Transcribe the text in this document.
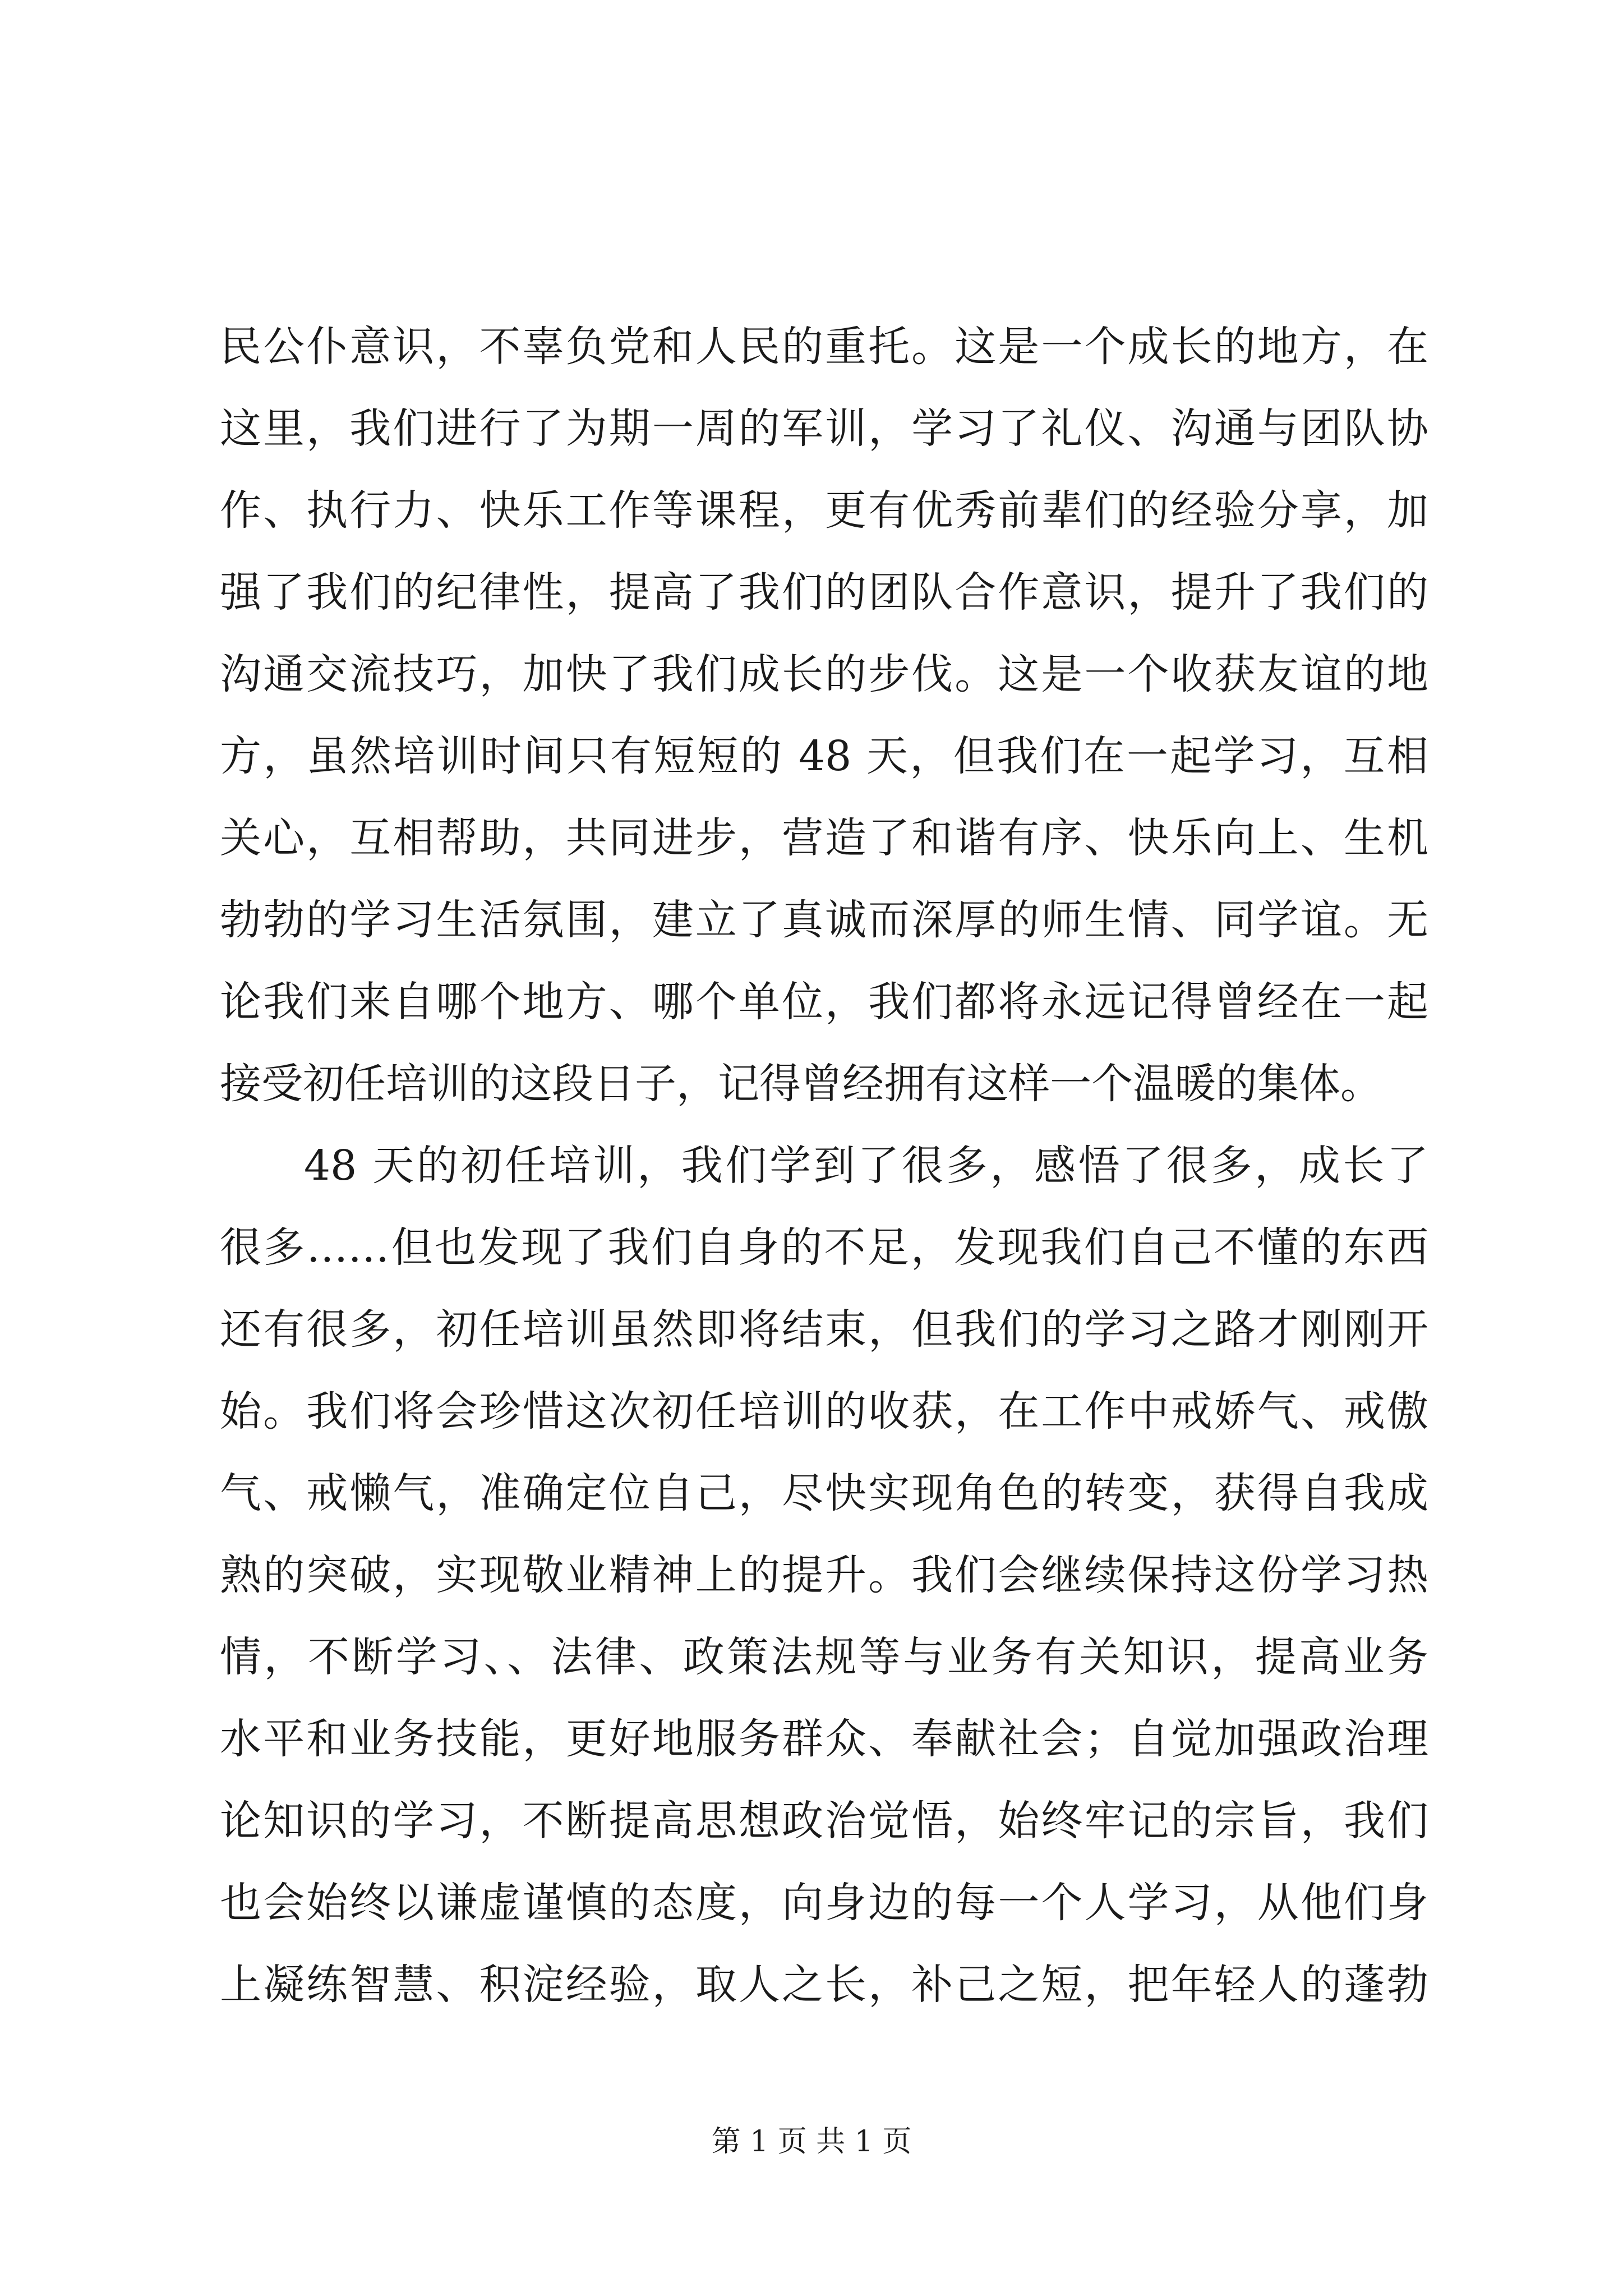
民公仆意识，不辜负党和人民的重托。这是一个成长的地方，在
这里，我们进行了为期一周的军训，学习了礼仪、沟通与团队协
作、执行力、快乐工作等课程，更有优秀前辈们的经验分享，加
强了我们的纪律性，提高了我们的团队合作意识，提升了我们的
沟通交流技巧，加快了我们成长的步伐。这是一个收获友谊的地
方，虽然培训时间只有短短的 48 天，但我们在一起学习，互相
关心，互相帮助，共同进步，营造了和谐有序、快乐向上、生机
勃勃的学习生活氛围，建立了真诚而深厚的师生情、同学谊。无
论我们来自哪个地方、哪个单位，我们都将永远记得曾经在一起
接受初任培训的这段日子，记得曾经拥有这样一个温暖的集体。
48 天的初任培训，我们学到了很多，感悟了很多，成长了
很多……但也发现了我们自身的不足，发现我们自己不懂的东西
还有很多，初任培训虽然即将结束，但我们的学习之路才刚刚开
始。我们将会珍惜这次初任培训的收获，在工作中戒娇气、戒傲
气、戒懒气，准确定位自己，尽快实现角色的转变，获得自我成
熟的突破，实现敬业精神上的提升。我们会继续保持这份学习热
情，不断学习、、法律、政策法规等与业务有关知识，提高业务
水平和业务技能，更好地服务群众、奉献社会；自觉加强政治理
论知识的学习，不断提高思想政治觉悟，始终牢记的宗旨，我们
也会始终以谦虚谨慎的态度，向身边的每一个人学习，从他们身
上凝练智慧、积淀经验，取人之长，补己之短，把年轻人的蓬勃
第 1 页 共 1 页
